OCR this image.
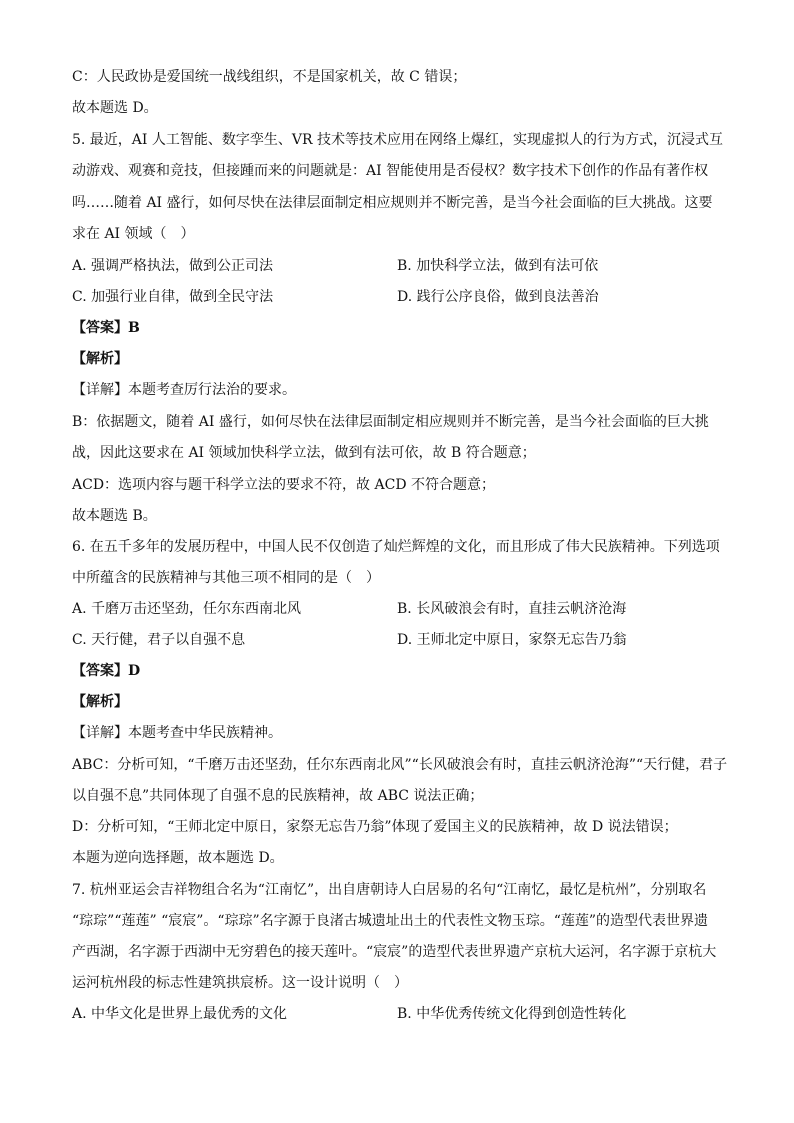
C：人民政协是爱国统一战线组织，不是国家机关，故 C 错误；
故本题选 D。
5. 最近，AI 人工智能、数字孪生、VR 技术等技术应用在网络上爆红，实现虚拟人的行为方式，沉浸式互
动游戏、观赛和竞技，但接踵而来的问题就是：AI 智能使用是否侵权？数字技术下创作的作品有著作权
吗……随着 AI 盛行，如何尽快在法律层面制定相应规则并不断完善，是当今社会面临的巨大挑战。这要
求在 AI 领域（　）
A. 强调严格执法，做到公正司法	B. 加快科学立法，做到有法可依
C. 加强行业自律，做到全民守法	D. 践行公序良俗，做到良法善治
【答案】B
【解析】
【详解】本题考查厉行法治的要求。
B：依据题文，随着 AI 盛行，如何尽快在法律层面制定相应规则并不断完善，是当今社会面临的巨大挑
战，因此这要求在 AI 领域加快科学立法，做到有法可依，故 B 符合题意；
ACD：选项内容与题干科学立法的要求不符，故 ACD 不符合题意；
故本题选 B。
6. 在五千多年的发展历程中，中国人民不仅创造了灿烂辉煌的文化，而且形成了伟大民族精神。下列选项
中所蕴含的民族精神与其他三项不相同的是（　）
A. 千磨万击还坚劲，任尔东西南北风	B. 长风破浪会有时，直挂云帆济沧海
C. 天行健，君子以自强不息	D. 王师北定中原日，家祭无忘告乃翁
【答案】D
【解析】
【详解】本题考查中华民族精神。
ABC：分析可知，“千磨万击还坚劲，任尔东西南北风”“长风破浪会有时，直挂云帆济沧海”“天行健，君子
以自强不息”共同体现了自强不息的民族精神，故 ABC 说法正确；
D：分析可知，“王师北定中原日，家祭无忘告乃翁”体现了爱国主义的民族精神，故 D 说法错误；
本题为逆向选择题，故本题选 D。
7. 杭州亚运会吉祥物组合名为“江南忆”，出自唐朝诗人白居易的名句“江南忆，最忆是杭州”，分别取名
“琮琮”“莲莲” “宸宸”。“琮琮”名字源于良渚古城遗址出土的代表性文物玉琮。“莲莲”的造型代表世界遗
产西湖，名字源于西湖中无穷碧色的接天莲叶。“宸宸”的造型代表世界遗产京杭大运河，名字源于京杭大
运河杭州段的标志性建筑拱宸桥。这一设计说明（　）
A. 中华文化是世界上最优秀的文化	B. 中华优秀传统文化得到创造性转化
